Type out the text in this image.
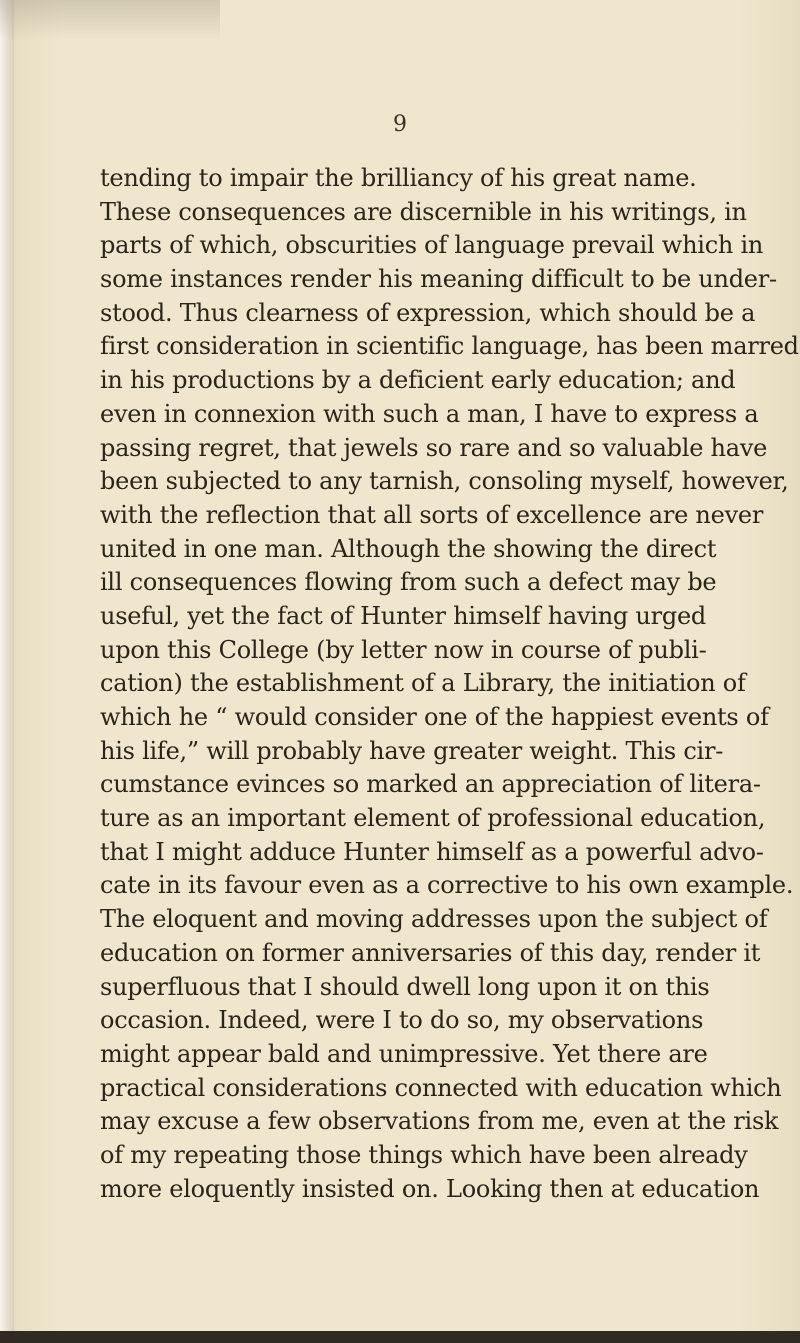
9
tending to impair the brilliancy of his great name.
These consequences are discernible in his writings, in
parts of which, obscurities of language prevail which in
some instances render his meaning difficult to be under-
stood. Thus clearness of expression, which should be a
first consideration in scientific language, has been marred
in his productions by a deficient early education; and
even in connexion with such a man, I have to express a
passing regret, that jewels so rare and so valuable have
been subjected to any tarnish, consoling myself, however,
with the reflection that all sorts of excellence are never
united in one man. Although the showing the direct
ill consequences flowing from such a defect may be
useful, yet the fact of Hunter himself having urged
upon this College (by letter now in course of publi-
cation) the establishment of a Library, the initiation of
which he “ would consider one of the happiest events of
his life,” will probably have greater weight. This cir-
cumstance evinces so marked an appreciation of litera-
ture as an important element of professional education,
that I might adduce Hunter himself as a powerful advo-
cate in its favour even as a corrective to his own example.
The eloquent and moving addresses upon the subject of
education on former anniversaries of this day, render it
superfluous that I should dwell long upon it on this
occasion. Indeed, were I to do so, my observations
might appear bald and unimpressive. Yet there are
practical considerations connected with education which
may excuse a few observations from me, even at the risk
of my repeating those things which have been already
more eloquently insisted on. Looking then at education
